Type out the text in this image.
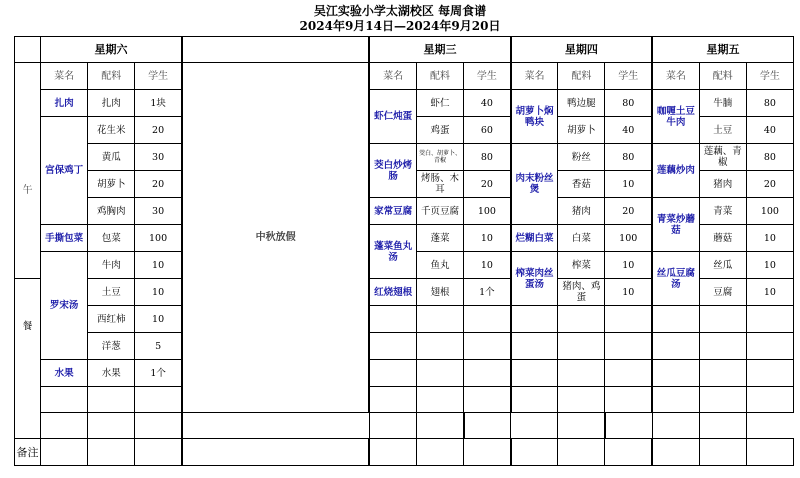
吴江实验小学太湖校区 每周食谱
2024年9月14日—2024年9月20日
	星期六				星期三			星期四			星期五		
午	菜名	配料	学生	中秋放假	菜名	配料	学生	菜名	配料	学生	菜名	配料	学生
	扎肉	扎肉	1块		虾仁炖蛋	虾仁	40	胡萝卜焖鸭块	鸭边腿	80	咖喱土豆牛肉	牛腩	80
	宫保鸡丁	花生米	20			鸡蛋	60		胡萝卜	40		土豆	40
		黄瓜	30		茭白炒烤肠	茭白、胡萝卜、青椒	80	肉末粉丝煲	粉丝	80	莲藕炒肉	莲藕、青椒	80
		胡萝卜	20			烤肠、木耳	20		香菇	10		猪肉	20
		鸡胸肉	30		家常豆腐	千页豆腐	100		猪肉	20	青菜炒蘑菇	青菜	100
	手撕包菜	包菜	100		蓬菜鱼丸汤	蓬菜	10	烂糊白菜	白菜	100		蘑菇	10
	罗宋汤	牛肉	10			鱼丸	10	榨菜肉丝蛋汤	榨菜	10	丝瓜豆腐汤	丝瓜	10
餐		土豆	10		红烧翅根	翅根	1个		猪肉、鸡蛋	10		豆腐	10
		西红柿	10										
		洋葱	5										
	水果	水果	1个										

备注													
